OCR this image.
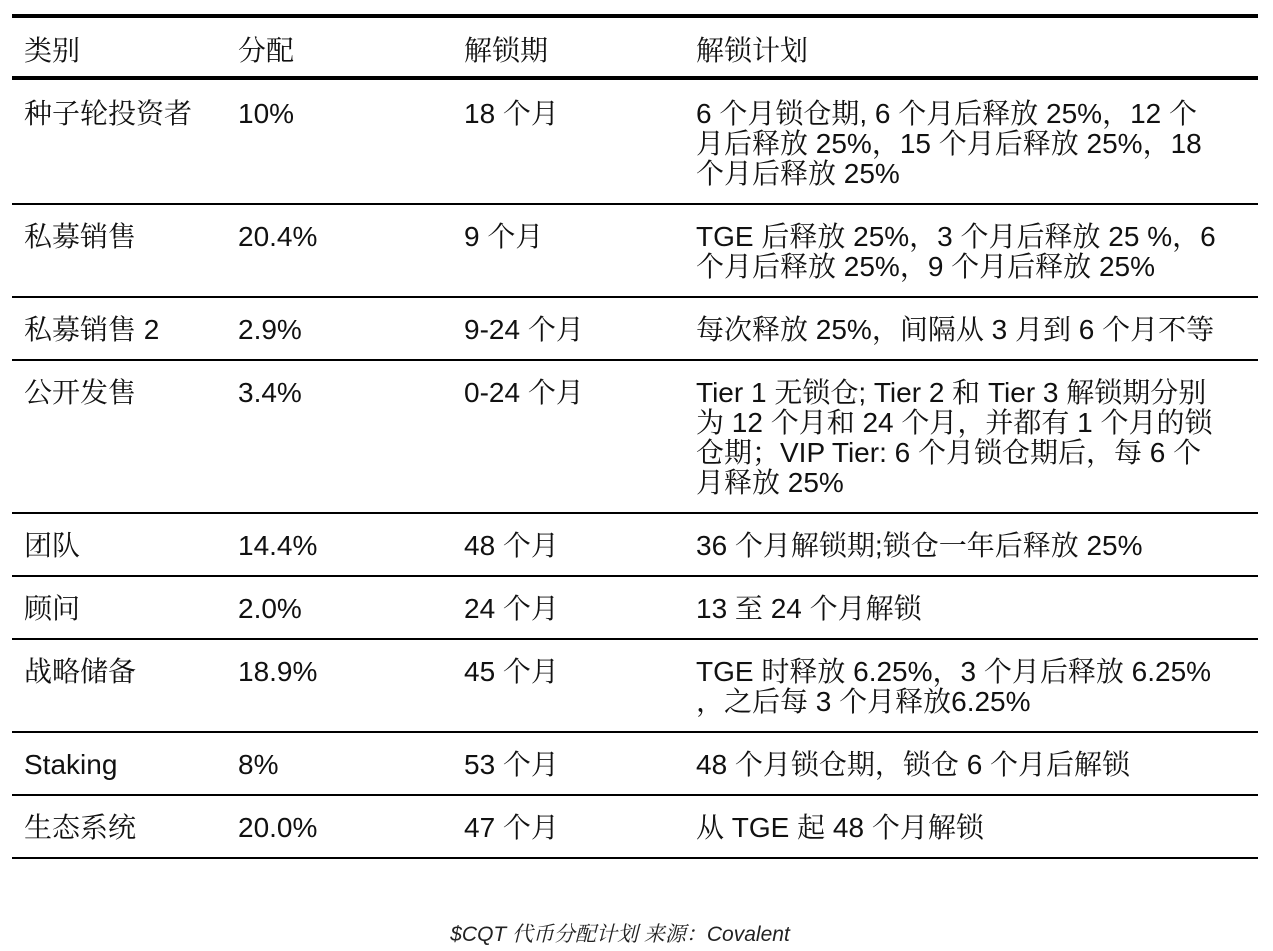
类别	分配	解锁期	解锁计划
种子轮投资者	10%	18 个月	6 个月锁仓期, 6 个月后释放 25%，12 个
月后释放 25%，15 个月后释放 25%，18
个月后释放 25%
私募销售	20.4%	9 个月	TGE 后释放 25%，3 个月后释放 25 %，6
个月后释放 25%，9 个月后释放 25%
私募销售 2	2.9%	9-24 个月	每次释放 25%，间隔从 3 月到 6 个月不等
公开发售	3.4%	0-24 个月	Tier 1 无锁仓; Tier 2 和 Tier 3 解锁期分别
为 12 个月和 24 个月，并都有 1 个月的锁
仓期；VIP Tier: 6 个月锁仓期后，每 6 个
月释放 25%
团队	14.4%	48 个月	36 个月解锁期;锁仓一年后释放 25%
顾问	2.0%	24 个月	13 至 24 个月解锁
战略储备	18.9%	45 个月	TGE 时释放 6.25%，3 个月后释放 6.25%
，之后每 3 个月释放6.25%
Staking	8%	53 个月	48 个月锁仓期，锁仓 6 个月后解锁
生态系统	20.0%	47 个月	从 TGE 起 48 个月解锁
$CQT 代币分配计划 来源：Covalent
